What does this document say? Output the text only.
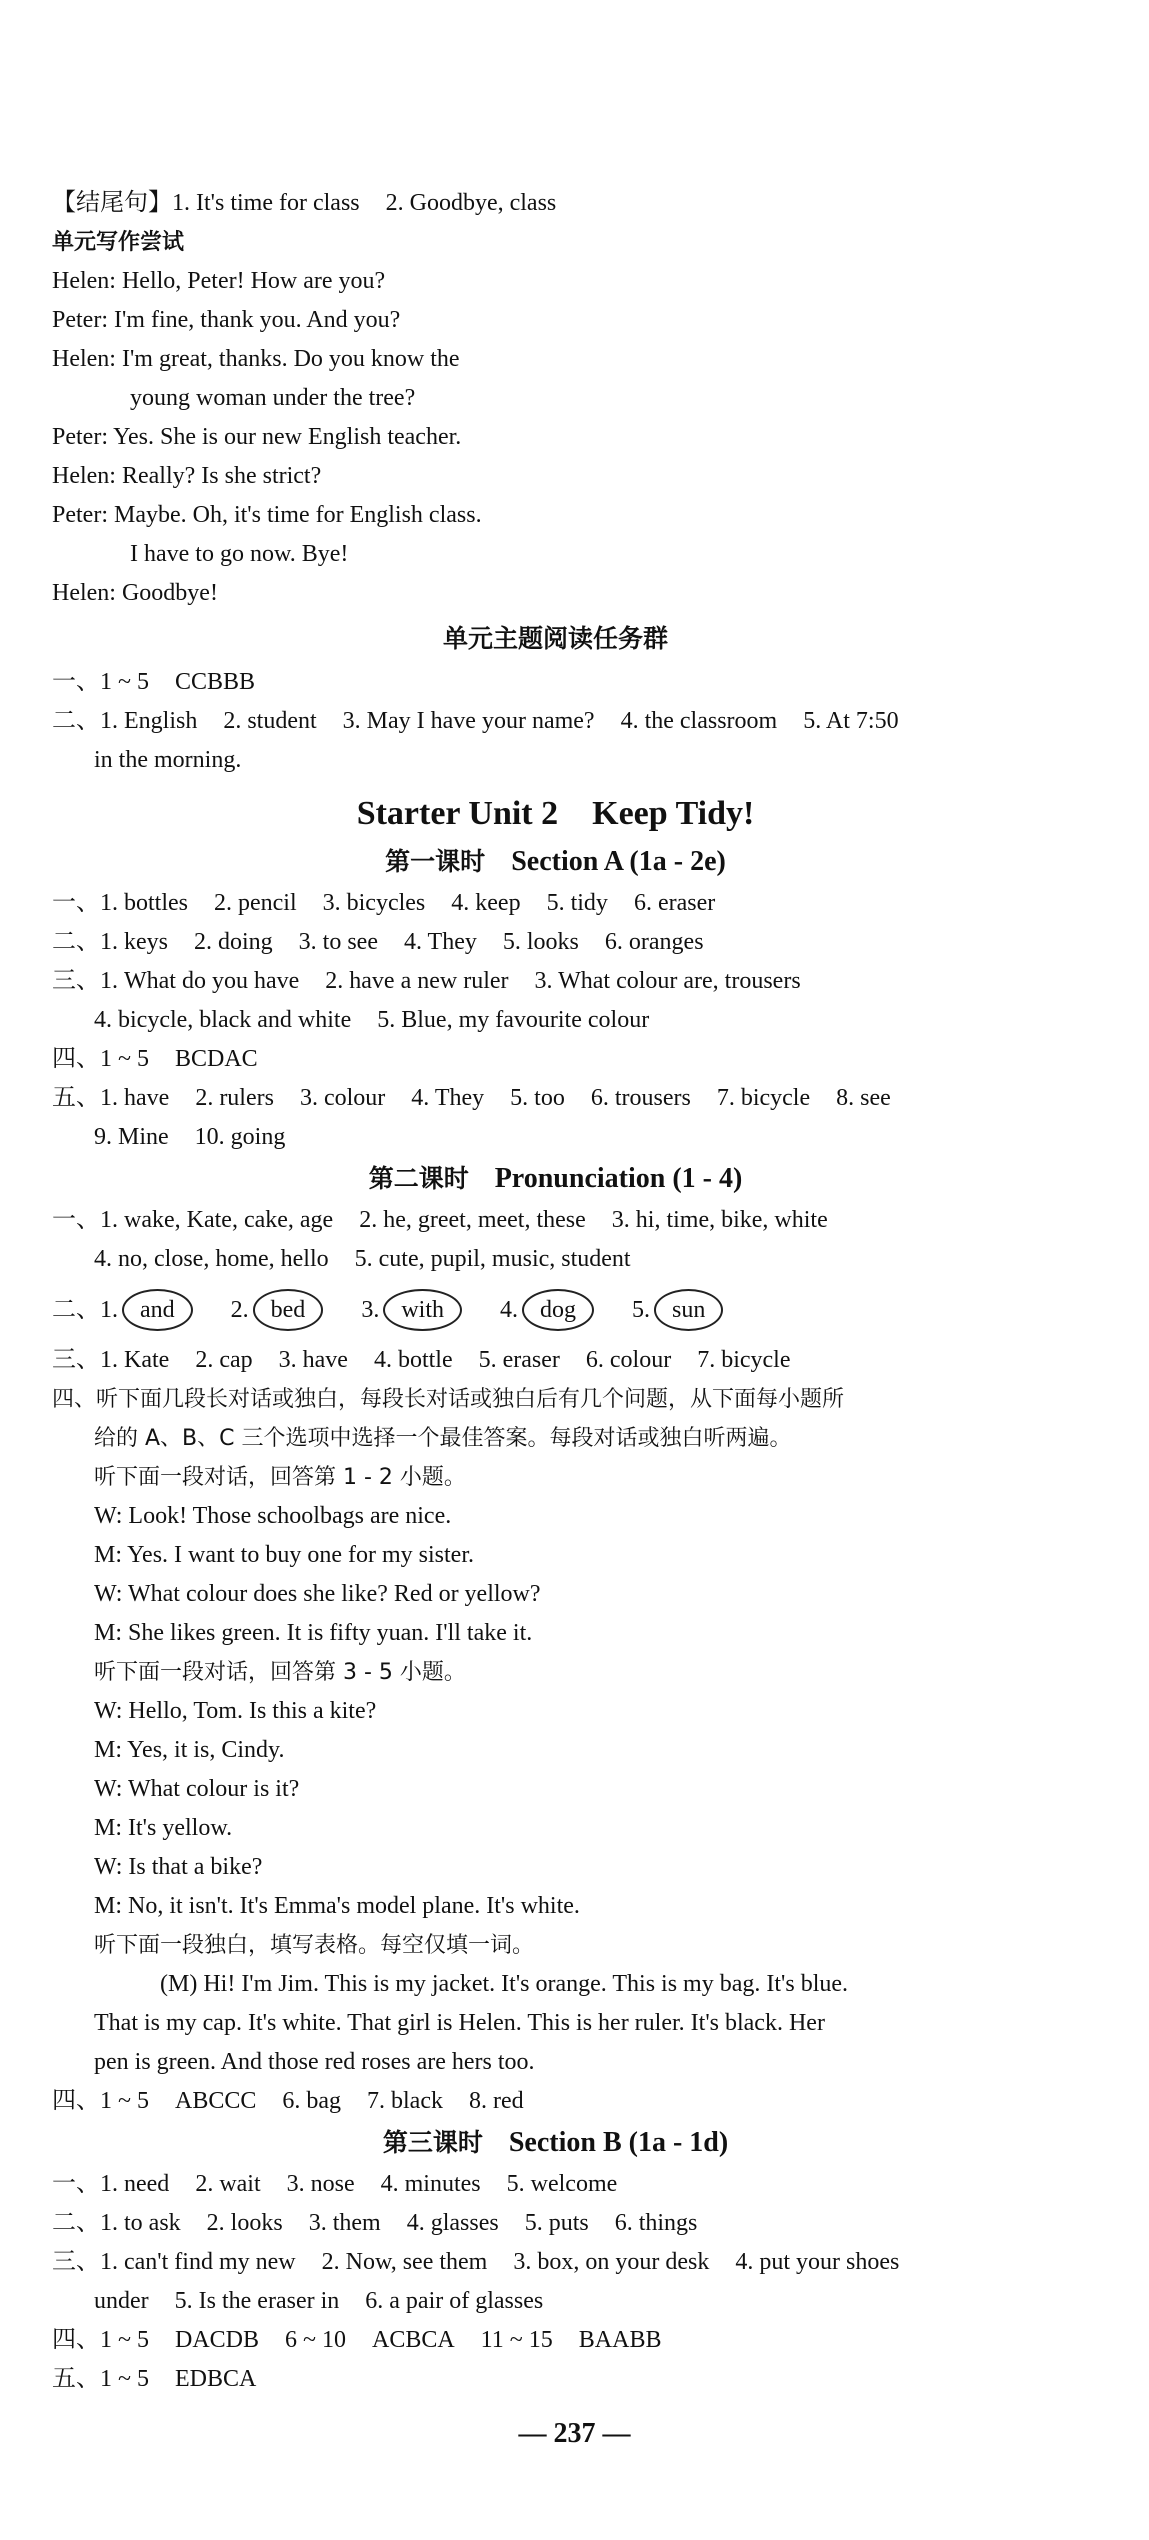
【结尾句】1. It's time for class 2. Goodbye, class
单元写作尝试
Helen: Hello, Peter! How are you?
Peter: I'm fine, thank you. And you?
Helen: I'm great, thanks. Do you know the
young woman under the tree?
Peter: Yes. She is our new English teacher.
Helen: Really? Is she strict?
Peter: Maybe. Oh, it's time for English class.
I have to go now. Bye!
Helen: Goodbye!
单元主题阅读任务群
一、1 ~ 5 CCBBB
二、1. English 2. student 3. May I have your name? 4. the classroom 5. At 7:50
in the morning.
Starter Unit 2 Keep Tidy!
第一课时 Section A (1a - 2e)
一、1. bottles 2. pencil 3. bicycles 4. keep 5. tidy 6. eraser
二、1. keys 2. doing 3. to see 4. They 5. looks 6. oranges
三、1. What do you have 2. have a new ruler 3. What colour are, trousers
4. bicycle, black and white 5. Blue, my favourite colour
四、1 ~ 5 BCDAC
五、1. have 2. rulers 3. colour 4. They 5. too 6. trousers 7. bicycle 8. see
9. Mine 10. going
第二课时 Pronunciation (1 - 4)
一、1. wake, Kate, cake, age 2. he, greet, meet, these 3. hi, time, bike, white
4. no, close, home, hello 5. cute, pupil, music, student
二、1. and 2. bed 3. with 4. dog 5. sun
三、1. Kate 2. cap 3. have 4. bottle 5. eraser 6. colour 7. bicycle
四、听下面几段长对话或独白，每段长对话或独白后有几个问题，从下面每小题所
给的 A、B、C 三个选项中选择一个最佳答案。每段对话或独白听两遍。
听下面一段对话，回答第 1 - 2 小题。
W: Look! Those schoolbags are nice.
M: Yes. I want to buy one for my sister.
W: What colour does she like? Red or yellow?
M: She likes green. It is fifty yuan. I'll take it.
听下面一段对话，回答第 3 - 5 小题。
W: Hello, Tom. Is this a kite?
M: Yes, it is, Cindy.
W: What colour is it?
M: It's yellow.
W: Is that a bike?
M: No, it isn't. It's Emma's model plane. It's white.
听下面一段独白，填写表格。每空仅填一词。
(M) Hi! I'm Jim. This is my jacket. It's orange. This is my bag. It's blue.
That is my cap. It's white. That girl is Helen. This is her ruler. It's black. Her
pen is green. And those red roses are hers too.
四、1 ~ 5 ABCCC 6. bag 7. black 8. red
第三课时 Section B (1a - 1d)
一、1. need 2. wait 3. nose 4. minutes 5. welcome
二、1. to ask 2. looks 3. them 4. glasses 5. puts 6. things
三、1. can't find my new 2. Now, see them 3. box, on your desk 4. put your shoes
under 5. Is the eraser in 6. a pair of glasses
四、1 ~ 5 DACDB 6 ~ 10 ACBCA 11 ~ 15 BAABB
五、1 ~ 5 EDBCA
— 237 —
